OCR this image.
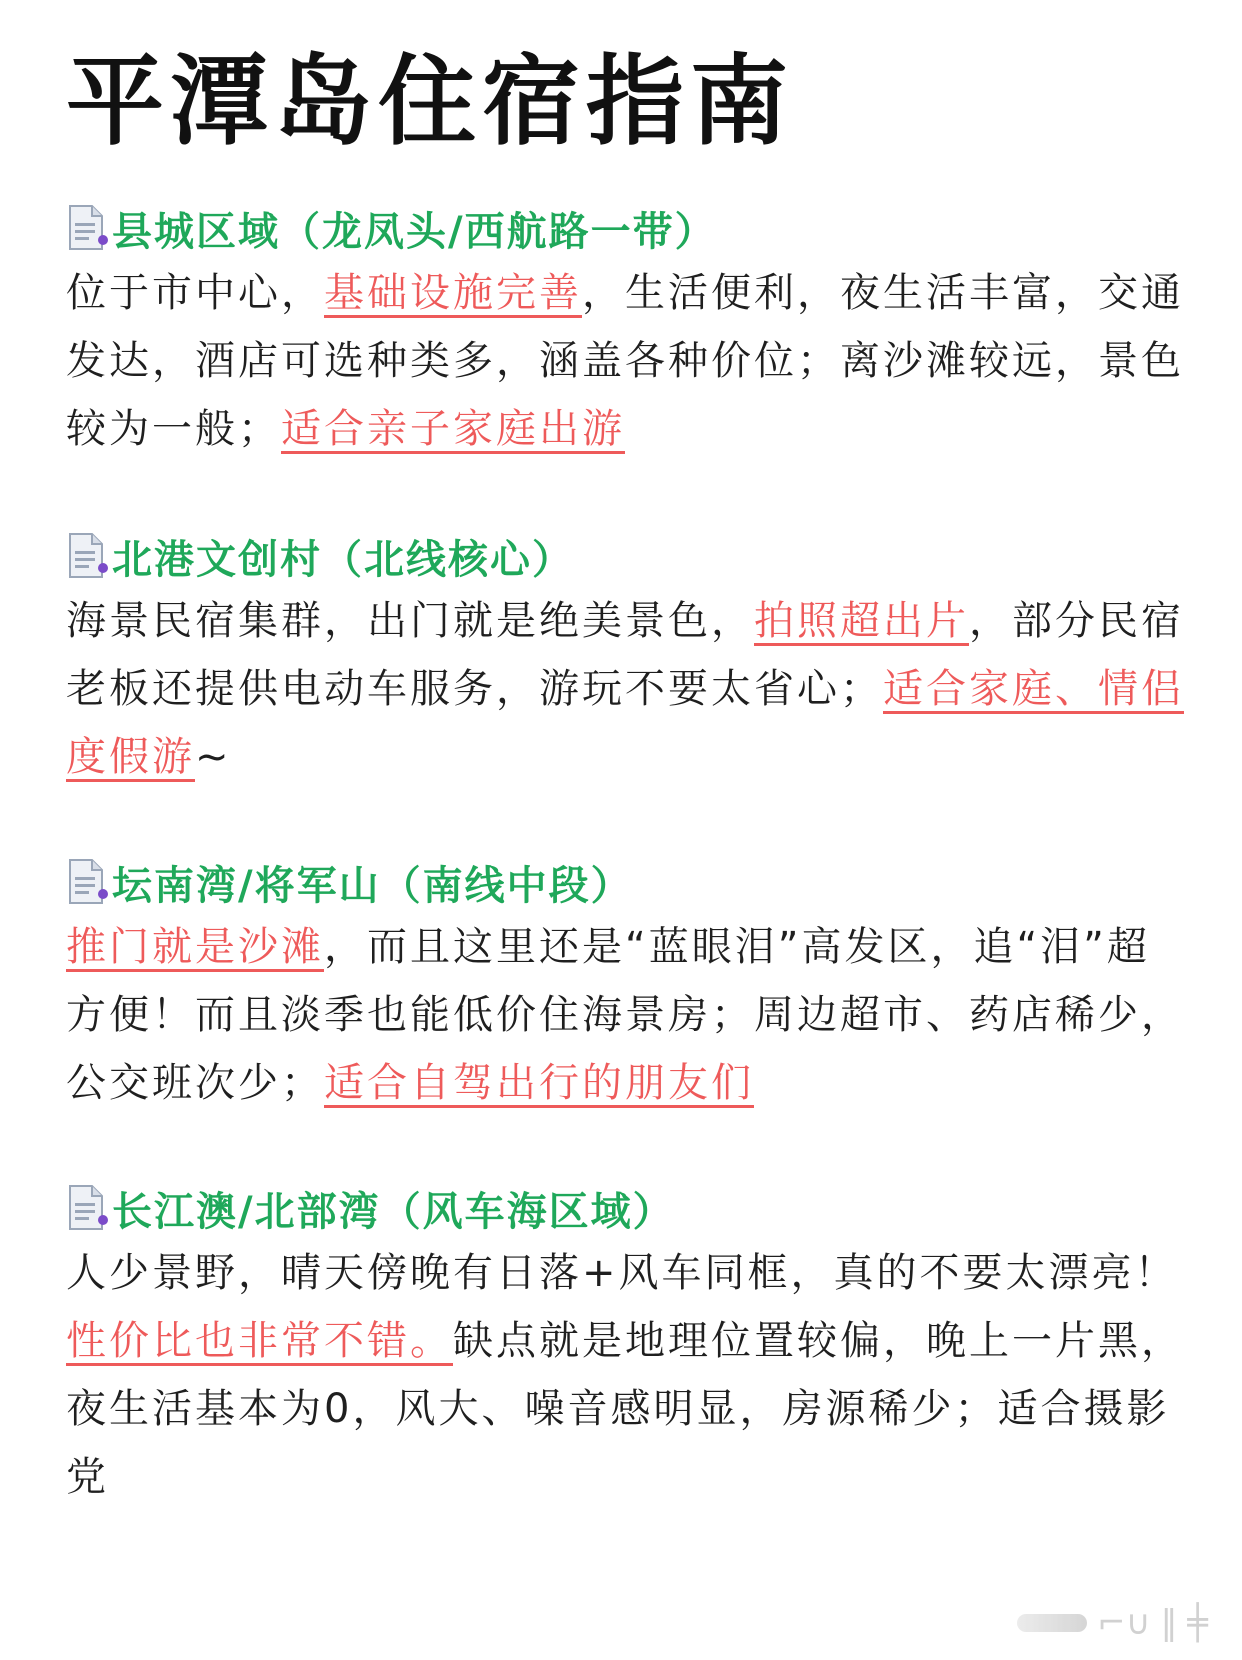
平潭岛住宿指南
县城区域（龙凤头/西航路一带）

位于市中心，基础设施完善，生活便利，夜生活丰富，交通发达，酒店可选种类多，涵盖各种价位；离沙滩较远，景色较为一般；适合亲子家庭出游

北港文创村（北线核心）

海景民宿集群，出门就是绝美景色，拍照超出片，部分民宿老板还提供电动车服务，游玩不要太省心；适合家庭、情侣度假游~

坛南湾/将军山（南线中段）

推门就是沙滩，而且这里还是“蓝眼泪”高发区，追“泪”超方便！而且淡季也能低价住海景房；周边超市、药店稀少，公交班次少；适合自驾出行的朋友们

长江澳/北部湾（风车海区域）

人少景野，晴天傍晚有日落+风车同框，真的不要太漂亮！性价比也非常不错。缺点就是地理位置较偏，晚上一片黑，夜生活基本为0，风大、噪音感明显，房源稀少；适合摄影党

⌐∪ ‖ ╪
